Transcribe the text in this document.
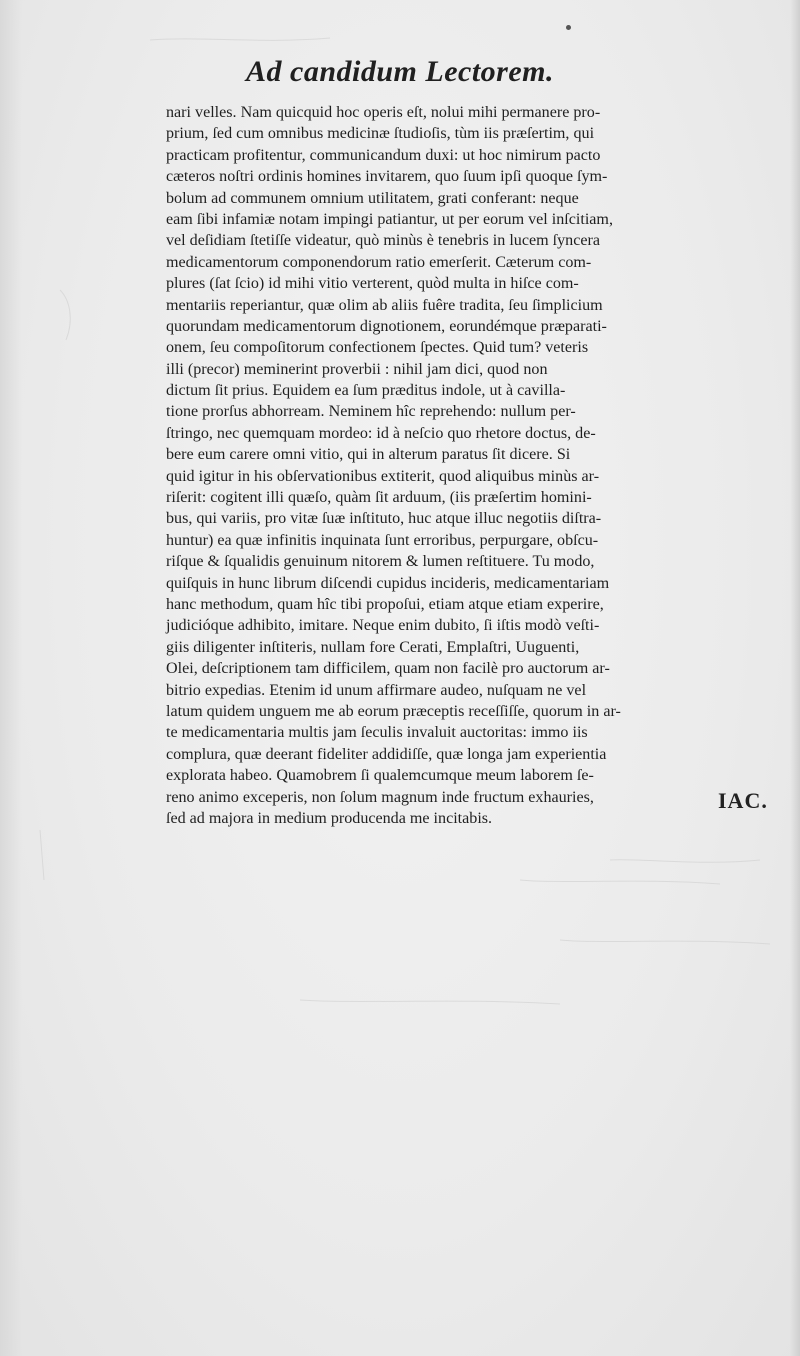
Ad candidum Lectorem.
nari velles. Nam quicquid hoc operis eſt, nolui mihi permanere pro-
prium, ſed cum omnibus medicinæ ſtudioſis, tùm iis præſertim, qui
practicam profitentur, communicandum duxi: ut hoc nimirum pacto
cæteros noſtri ordinis homines invitarem, quo ſuum ipſi quoque ſym-
bolum ad communem omnium utilitatem, grati conferant: neque
eam ſibi infamiæ notam impingi patiantur, ut per eorum vel inſcitiam,
vel deſidiam ſtetiſſe videatur, quò minùs è tenebris in lucem ſyncera
medicamentorum componendorum ratio emerſerit. Cæterum com-
plures (ſat ſcio) id mihi vitio verterent, quòd multa in hiſce com-
mentariis reperiantur, quæ olim ab aliis fuêre tradita, ſeu ſimplicium
quorundam medicamentorum dignotionem, eorundémque præparati-
onem, ſeu compoſitorum confectionem ſpectes. Quid tum? veteris
illi (precor) meminerint proverbii : nihil jam dici, quod non
dictum ſit prius. Equidem ea ſum præditus indole, ut à cavilla-
tione prorſus abhorream. Neminem hîc reprehendo: nullum per-
ſtringo, nec quemquam mordeo: id à neſcio quo rhetore doctus, de-
bere eum carere omni vitio, qui in alterum paratus ſit dicere. Si
quid igitur in his obſervationibus extiterit, quod aliquibus minùs ar-
riſerit: cogitent illi quæſo, quàm ſit arduum, (iis præſertim homini-
bus, qui variis, pro vitæ ſuæ inſtituto, huc atque illuc negotiis diſtra-
huntur) ea quæ infinitis inquinata ſunt erroribus, perpurgare, obſcu-
riſque & ſqualidis genuinum nitorem & lumen reſtituere. Tu modo,
quiſquis in hunc librum diſcendi cupidus incideris, medicamentariam
hanc methodum, quam hîc tibi propoſui, etiam atque etiam experire,
judicióque adhibito, imitare. Neque enim dubito, ſi iſtis modò veſti-
giis diligenter inſtiteris, nullam fore Cerati, Emplaſtri, Uuguenti,
Olei, deſcriptionem tam difficilem, quam non facilè pro auctorum ar-
bitrio expedias. Etenim id unum affirmare audeo, nuſquam ne vel
latum quidem unguem me ab eorum præceptis receſſiſſe, quorum in ar-
te medicamentaria multis jam ſeculis invaluit auctoritas: immo iis
complura, quæ deerant fideliter addidiſſe, quæ longa jam experientia
explorata habeo. Quamobrem ſi qualemcumque meum laborem ſe-
reno animo exceperis, non ſolum magnum inde fructum exhauries,
ſed ad majora in medium producenda me incitabis.
IAC.
